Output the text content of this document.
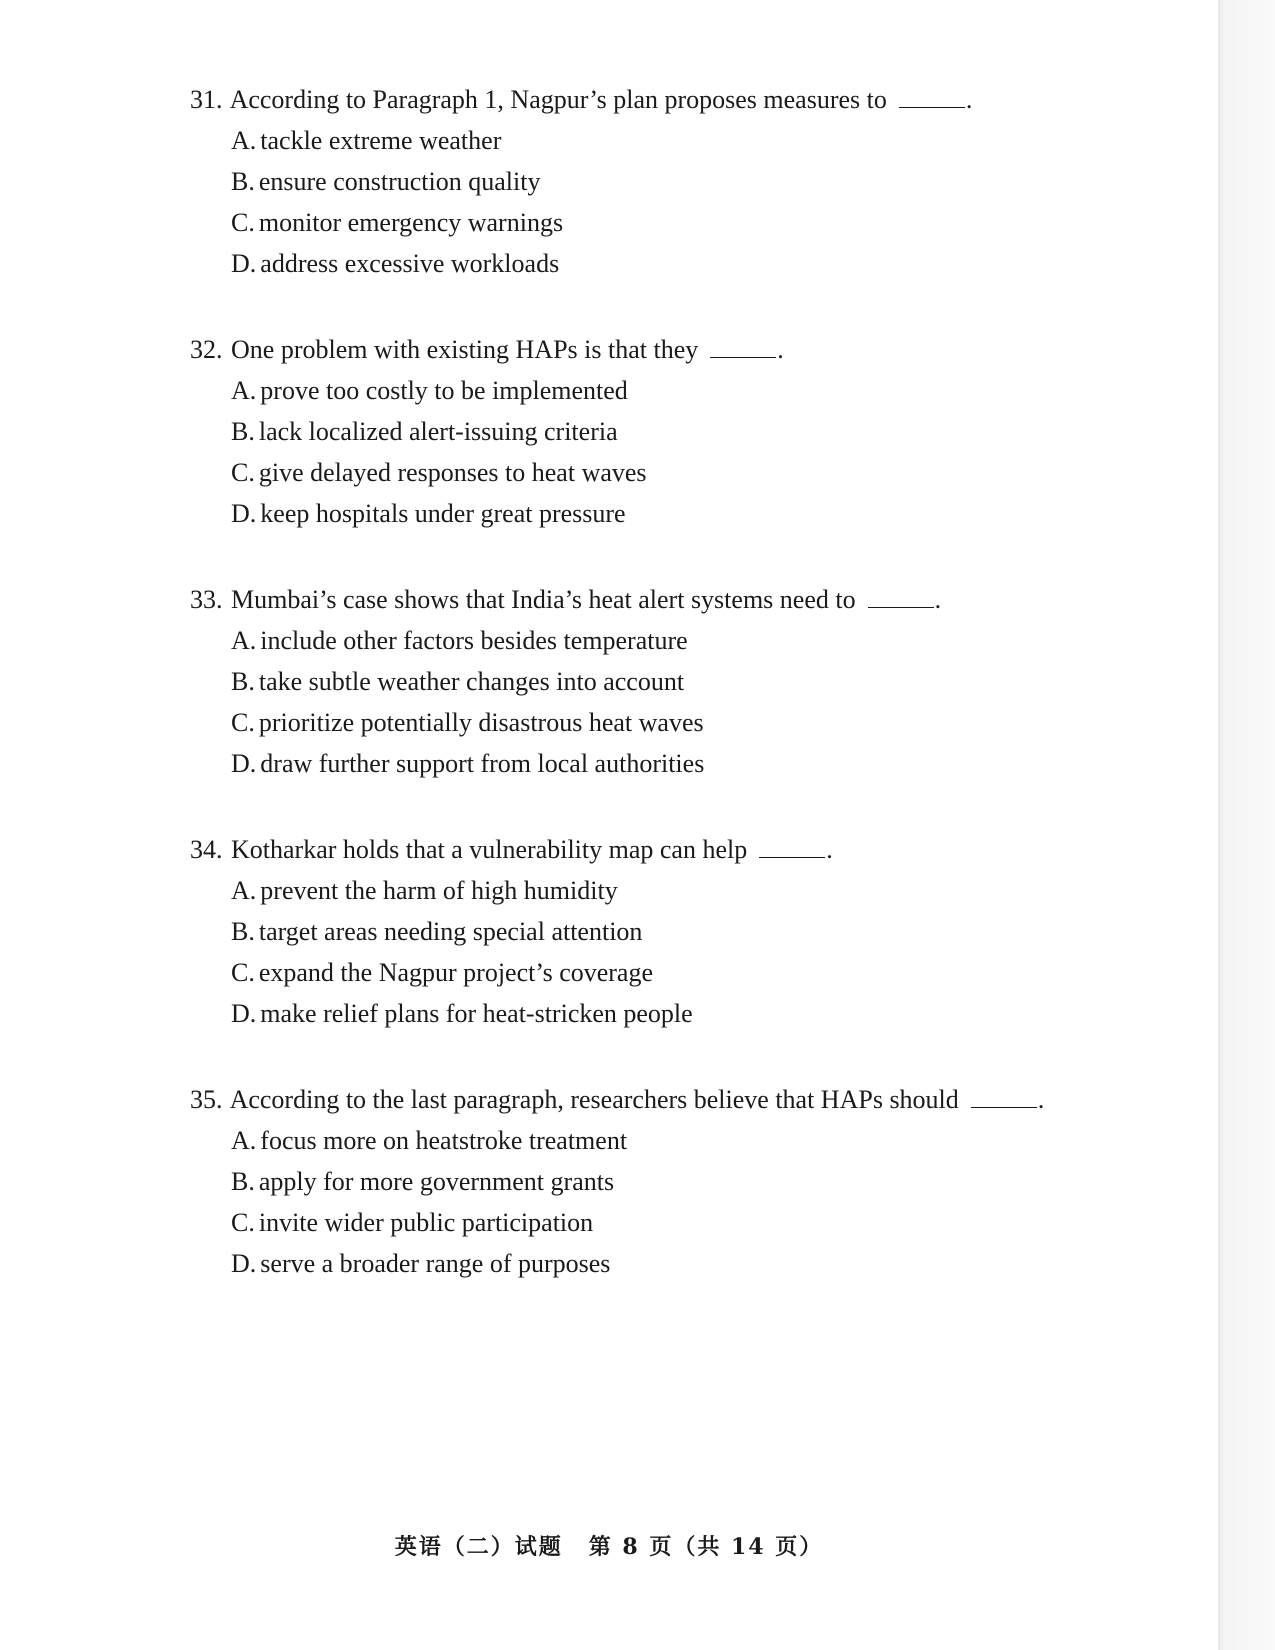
31. According to Paragraph 1, Nagpur’s plan proposes measures to	.
A. tackle extreme weather
B. ensure construction quality
C. monitor emergency warnings
D. address excessive workloads
32. One problem with existing HAPs is that they	.
A. prove too costly to be implemented
B. lack localized alert-issuing criteria
C. give delayed responses to heat waves
D. keep hospitals under great pressure
33. Mumbai’s case shows that India’s heat alert systems need to	.
A. include other factors besides temperature
B. take subtle weather changes into account
C. prioritize potentially disastrous heat waves
D. draw further support from local authorities
34. Kotharkar holds that a vulnerability map can help	.
A. prevent the harm of high humidity
B. target areas needing special attention
C. expand the Nagpur project’s coverage
D. make relief plans for heat-stricken people
35. According to the last paragraph, researchers believe that HAPs should	.
A. focus more on heatstroke treatment
B. apply for more government grants
C. invite wider public participation
D. serve a broader range of purposes
英语（二）试题 第 8 页（共 14 页）
